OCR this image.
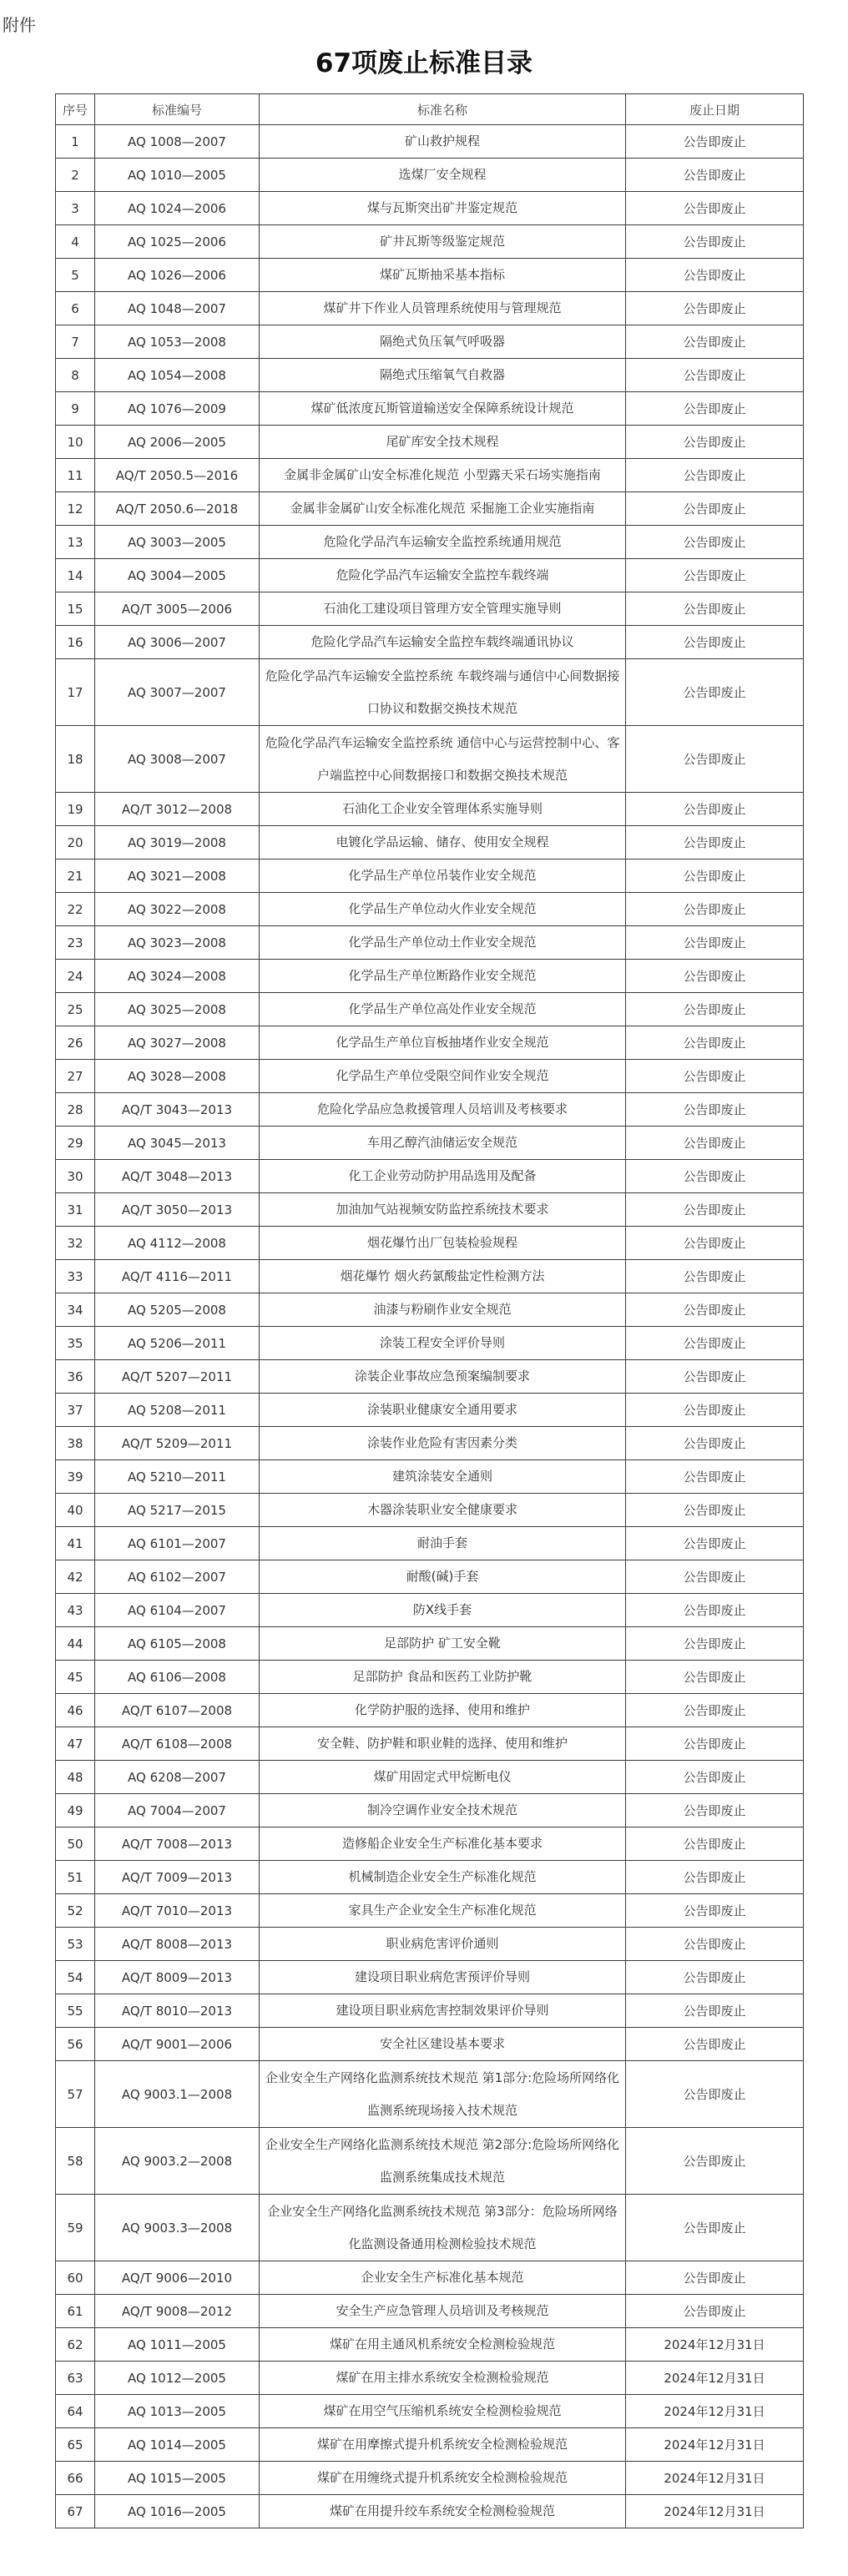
附件
67项废止标准目录
序号	标准编号	标准名称	废止日期
1	AQ 1008—2007	矿山救护规程	公告即废止
2	AQ 1010—2005	选煤厂安全规程	公告即废止
3	AQ 1024—2006	煤与瓦斯突出矿井鉴定规范	公告即废止
4	AQ 1025—2006	矿井瓦斯等级鉴定规范	公告即废止
5	AQ 1026—2006	煤矿瓦斯抽采基本指标	公告即废止
6	AQ 1048—2007	煤矿井下作业人员管理系统使用与管理规范	公告即废止
7	AQ 1053—2008	隔绝式负压氧气呼吸器	公告即废止
8	AQ 1054—2008	隔绝式压缩氧气自救器	公告即废止
9	AQ 1076—2009	煤矿低浓度瓦斯管道输送安全保障系统设计规范	公告即废止
10	AQ 2006—2005	尾矿库安全技术规程	公告即废止
11	AQ/T 2050.5—2016	金属非金属矿山安全标准化规范 小型露天采石场实施指南	公告即废止
12	AQ/T 2050.6—2018	金属非金属矿山安全标准化规范 采掘施工企业实施指南	公告即废止
13	AQ 3003—2005	危险化学品汽车运输安全监控系统通用规范	公告即废止
14	AQ 3004—2005	危险化学品汽车运输安全监控车载终端	公告即废止
15	AQ/T 3005—2006	石油化工建设项目管理方安全管理实施导则	公告即废止
16	AQ 3006—2007	危险化学品汽车运输安全监控车载终端通讯协议	公告即废止
17	AQ 3007—2007	危险化学品汽车运输安全监控系统 车载终端与通信中心间数据接口协议和数据交换技术规范	公告即废止
18	AQ 3008—2007	危险化学品汽车运输安全监控系统 通信中心与运营控制中心、客户端监控中心间数据接口和数据交换技术规范	公告即废止
19	AQ/T 3012—2008	石油化工企业安全管理体系实施导则	公告即废止
20	AQ 3019—2008	电镀化学品运输、储存、使用安全规程	公告即废止
21	AQ 3021—2008	化学品生产单位吊装作业安全规范	公告即废止
22	AQ 3022—2008	化学品生产单位动火作业安全规范	公告即废止
23	AQ 3023—2008	化学品生产单位动土作业安全规范	公告即废止
24	AQ 3024—2008	化学品生产单位断路作业安全规范	公告即废止
25	AQ 3025—2008	化学品生产单位高处作业安全规范	公告即废止
26	AQ 3027—2008	化学品生产单位盲板抽堵作业安全规范	公告即废止
27	AQ 3028—2008	化学品生产单位受限空间作业安全规范	公告即废止
28	AQ/T 3043—2013	危险化学品应急救援管理人员培训及考核要求	公告即废止
29	AQ 3045—2013	车用乙醇汽油储运安全规范	公告即废止
30	AQ/T 3048—2013	化工企业劳动防护用品选用及配备	公告即废止
31	AQ/T 3050—2013	加油加气站视频安防监控系统技术要求	公告即废止
32	AQ 4112—2008	烟花爆竹出厂包装检验规程	公告即废止
33	AQ/T 4116—2011	烟花爆竹 烟火药氯酸盐定性检测方法	公告即废止
34	AQ 5205—2008	油漆与粉刷作业安全规范	公告即废止
35	AQ 5206—2011	涂装工程安全评价导则	公告即废止
36	AQ/T 5207—2011	涂装企业事故应急预案编制要求	公告即废止
37	AQ 5208—2011	涂装职业健康安全通用要求	公告即废止
38	AQ/T 5209—2011	涂装作业危险有害因素分类	公告即废止
39	AQ 5210—2011	建筑涂装安全通则	公告即废止
40	AQ 5217—2015	木器涂装职业安全健康要求	公告即废止
41	AQ 6101—2007	耐油手套	公告即废止
42	AQ 6102—2007	耐酸(碱)手套	公告即废止
43	AQ 6104—2007	防X线手套	公告即废止
44	AQ 6105—2008	足部防护 矿工安全靴	公告即废止
45	AQ 6106—2008	足部防护 食品和医药工业防护靴	公告即废止
46	AQ/T 6107—2008	化学防护服的选择、使用和维护	公告即废止
47	AQ/T 6108—2008	安全鞋、防护鞋和职业鞋的选择、使用和维护	公告即废止
48	AQ 6208—2007	煤矿用固定式甲烷断电仪	公告即废止
49	AQ 7004—2007	制冷空调作业安全技术规范	公告即废止
50	AQ/T 7008—2013	造修船企业安全生产标准化基本要求	公告即废止
51	AQ/T 7009—2013	机械制造企业安全生产标准化规范	公告即废止
52	AQ/T 7010—2013	家具生产企业安全生产标准化规范	公告即废止
53	AQ/T 8008—2013	职业病危害评价通则	公告即废止
54	AQ/T 8009—2013	建设项目职业病危害预评价导则	公告即废止
55	AQ/T 8010—2013	建设项目职业病危害控制效果评价导则	公告即废止
56	AQ/T 9001—2006	安全社区建设基本要求	公告即废止
57	AQ 9003.1—2008	企业安全生产网络化监测系统技术规范 第1部分:危险场所网络化监测系统现场接入技术规范	公告即废止
58	AQ 9003.2—2008	企业安全生产网络化监测系统技术规范 第2部分:危险场所网络化监测系统集成技术规范	公告即废止
59	AQ 9003.3—2008	企业安全生产网络化监测系统技术规范 第3部分：危险场所网络化监测设备通用检测检验技术规范	公告即废止
60	AQ/T 9006—2010	企业安全生产标准化基本规范	公告即废止
61	AQ/T 9008—2012	安全生产应急管理人员培训及考核规范	公告即废止
62	AQ 1011—2005	煤矿在用主通风机系统安全检测检验规范	2024年12月31日
63	AQ 1012—2005	煤矿在用主排水系统安全检测检验规范	2024年12月31日
64	AQ 1013—2005	煤矿在用空气压缩机系统安全检测检验规范	2024年12月31日
65	AQ 1014—2005	煤矿在用摩擦式提升机系统安全检测检验规范	2024年12月31日
66	AQ 1015—2005	煤矿在用缠绕式提升机系统安全检测检验规范	2024年12月31日
67	AQ 1016—2005	煤矿在用提升绞车系统安全检测检验规范	2024年12月31日
